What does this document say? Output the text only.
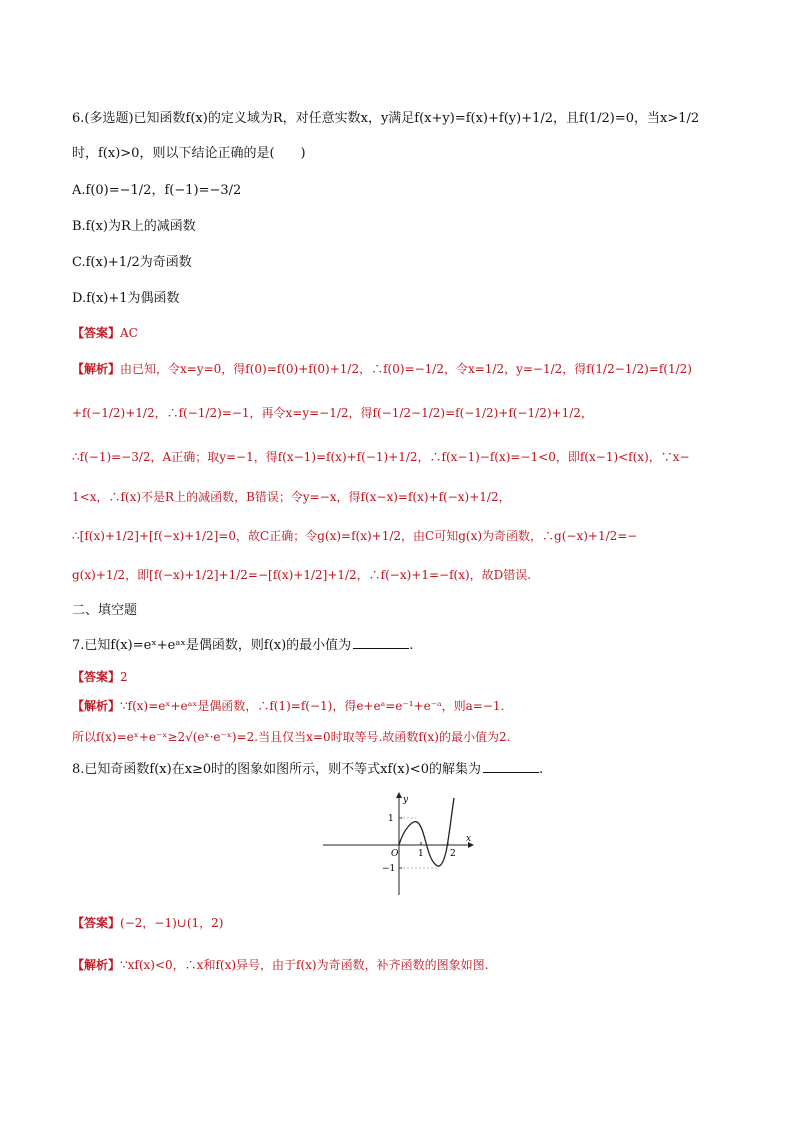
6.(多选题)已知函数f(x)的定义域为R，对任意实数x，y满足f(x+y)=f(x)+f(y)+1/2，且f(1/2)=0，当x>1/2
时，f(x)>0，则以下结论正确的是(　　)
A.f(0)=−1/2，f(−1)=−3/2
B.f(x)为R上的减函数
C.f(x)+1/2为奇函数
D.f(x)+1为偶函数
【答案】AC
【解析】由已知，令x=y=0，得f(0)=f(0)+f(0)+1/2，∴f(0)=−1/2，令x=1/2，y=−1/2，得f(1/2−1/2)=f(1/2)
+f(−1/2)+1/2，∴f(−1/2)=−1，再令x=y=−1/2，得f(−1/2−1/2)=f(−1/2)+f(−1/2)+1/2，
∴f(−1)=−3/2，A正确；取y=−1，得f(x−1)=f(x)+f(−1)+1/2，∴f(x−1)−f(x)=−1<0，即f(x−1)<f(x)，∵x−
1<x，∴f(x)不是R上的减函数，B错误；令y=−x，得f(x−x)=f(x)+f(−x)+1/2，
∴[f(x)+1/2]+[f(−x)+1/2]=0，故C正确；令g(x)=f(x)+1/2，由C可知g(x)为奇函数，∴g(−x)+1/2=−
g(x)+1/2，即[f(−x)+1/2]+1/2=−[f(x)+1/2]+1/2，∴f(−x)+1=−f(x)，故D错误.
二、填空题
7.已知f(x)=eˣ+eᵃˣ是偶函数，则f(x)的最小值为	.
【答案】2
【解析】∵f(x)=eˣ+eᵃˣ是偶函数，∴f(1)=f(−1)，得e+eᵃ=e⁻¹+e⁻ᵃ，则a=−1.
所以f(x)=eˣ+e⁻ˣ≥2√(eˣ·e⁻ˣ)=2.当且仅当x=0时取等号.故函数f(x)的最小值为2.
8.已知奇函数f(x)在x≥0时的图象如图所示，则不等式xf(x)<0的解集为	.
y
x
O 1	2
1
−1
【答案】(−2，−1)∪(1，2)
【解析】∵xf(x)<0，∴x和f(x)异号，由于f(x)为奇函数，补齐函数的图象如图.
